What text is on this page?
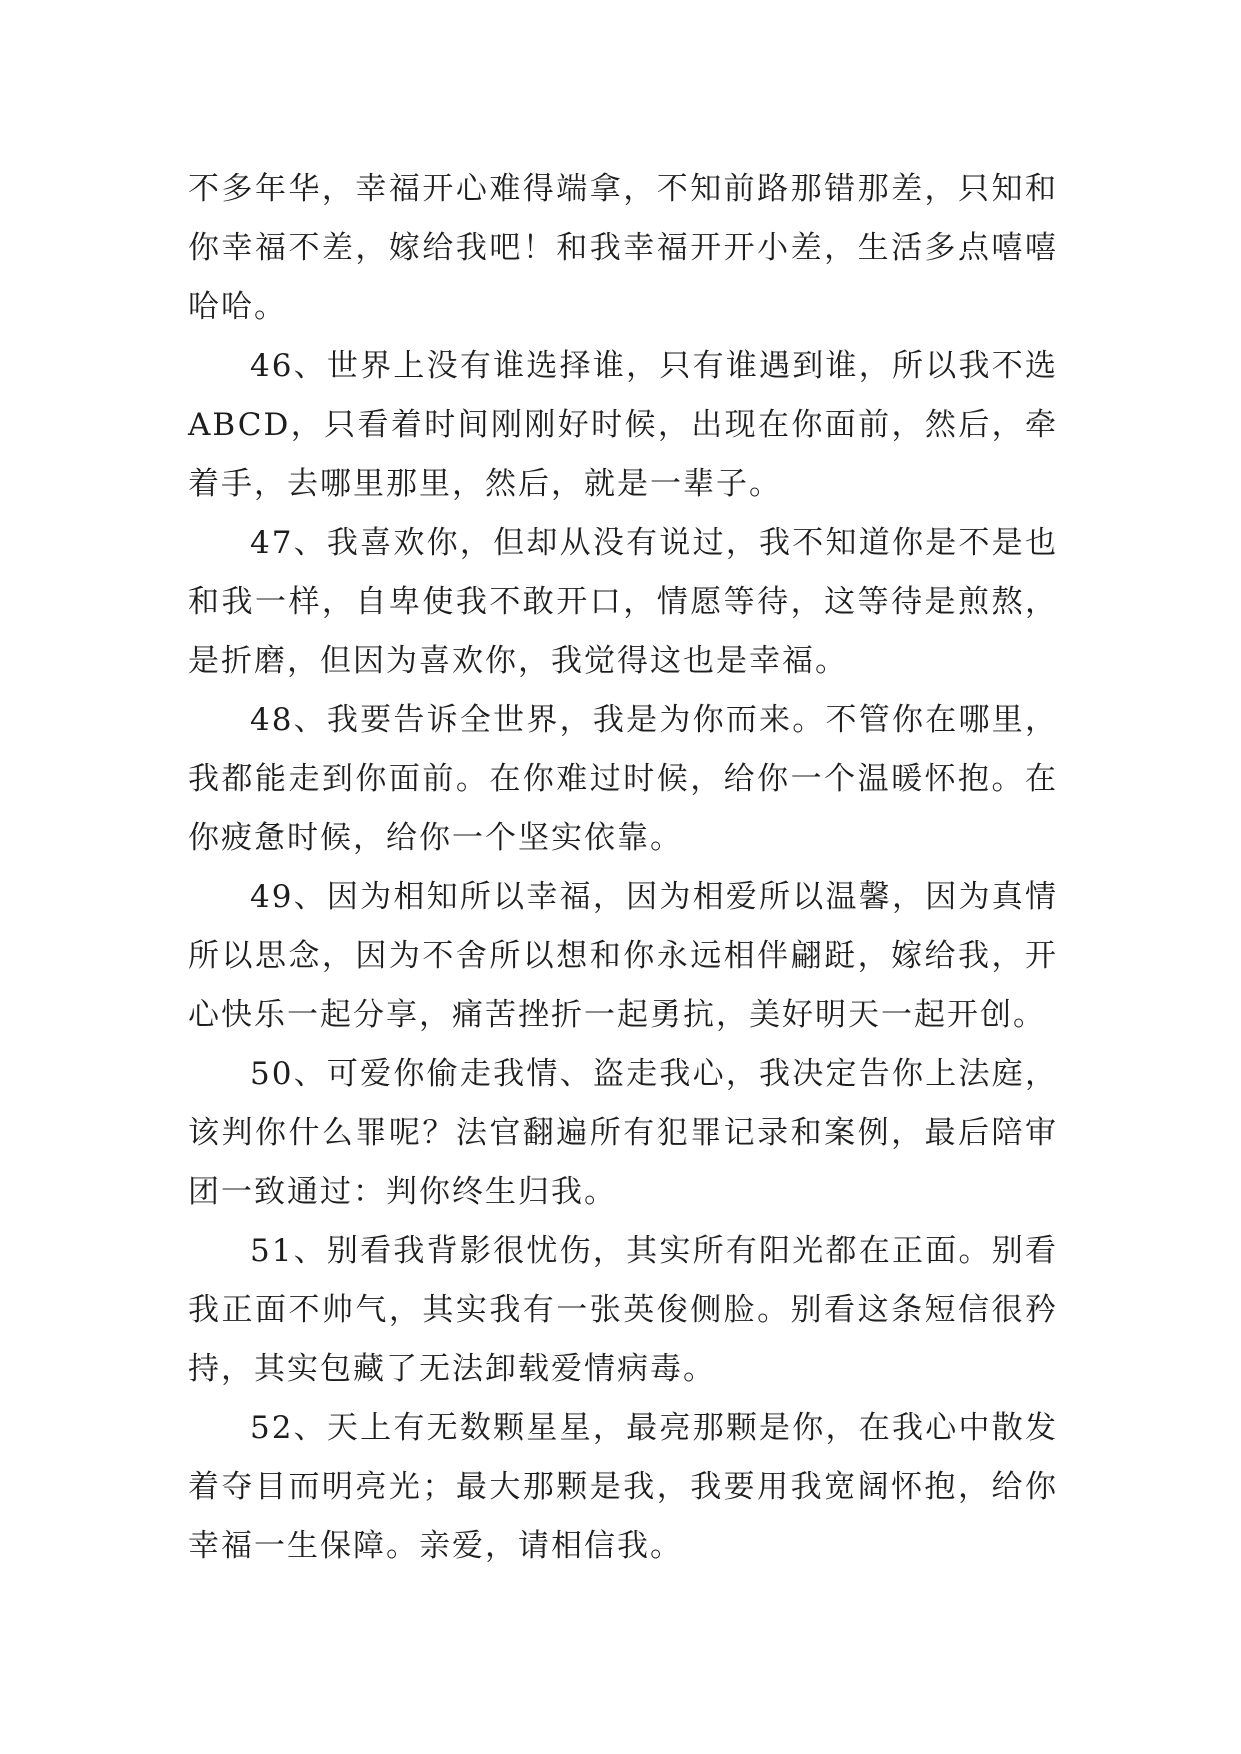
不多年华，幸福开心难得端拿，不知前路那错那差，只知和你幸福不差，嫁给我吧！和我幸福开开小差，生活多点嘻嘻哈哈。

46、世界上没有谁选择谁，只有谁遇到谁，所以我不选ABCD，只看着时间刚刚好时候，出现在你面前，然后，牵着手，去哪里那里，然后，就是一辈子。

47、我喜欢你，但却从没有说过，我不知道你是不是也和我一样，自卑使我不敢开口，情愿等待，这等待是煎熬，是折磨，但因为喜欢你，我觉得这也是幸福。

48、我要告诉全世界，我是为你而来。不管你在哪里，我都能走到你面前。在你难过时候，给你一个温暖怀抱。在你疲惫时候，给你一个坚实依靠。

49、因为相知所以幸福，因为相爱所以温馨，因为真情所以思念，因为不舍所以想和你永远相伴翩跹，嫁给我，开心快乐一起分享，痛苦挫折一起勇抗，美好明天一起开创。

50、可爱你偷走我情、盗走我心，我决定告你上法庭，该判你什么罪呢？法官翻遍所有犯罪记录和案例，最后陪审团一致通过：判你终生归我。

51、别看我背影很忧伤，其实所有阳光都在正面。别看我正面不帅气，其实我有一张英俊侧脸。别看这条短信很矜持，其实包藏了无法卸载爱情病毒。

52、天上有无数颗星星，最亮那颗是你，在我心中散发着夺目而明亮光；最大那颗是我，我要用我宽阔怀抱，给你幸福一生保障。亲爱，请相信我。
